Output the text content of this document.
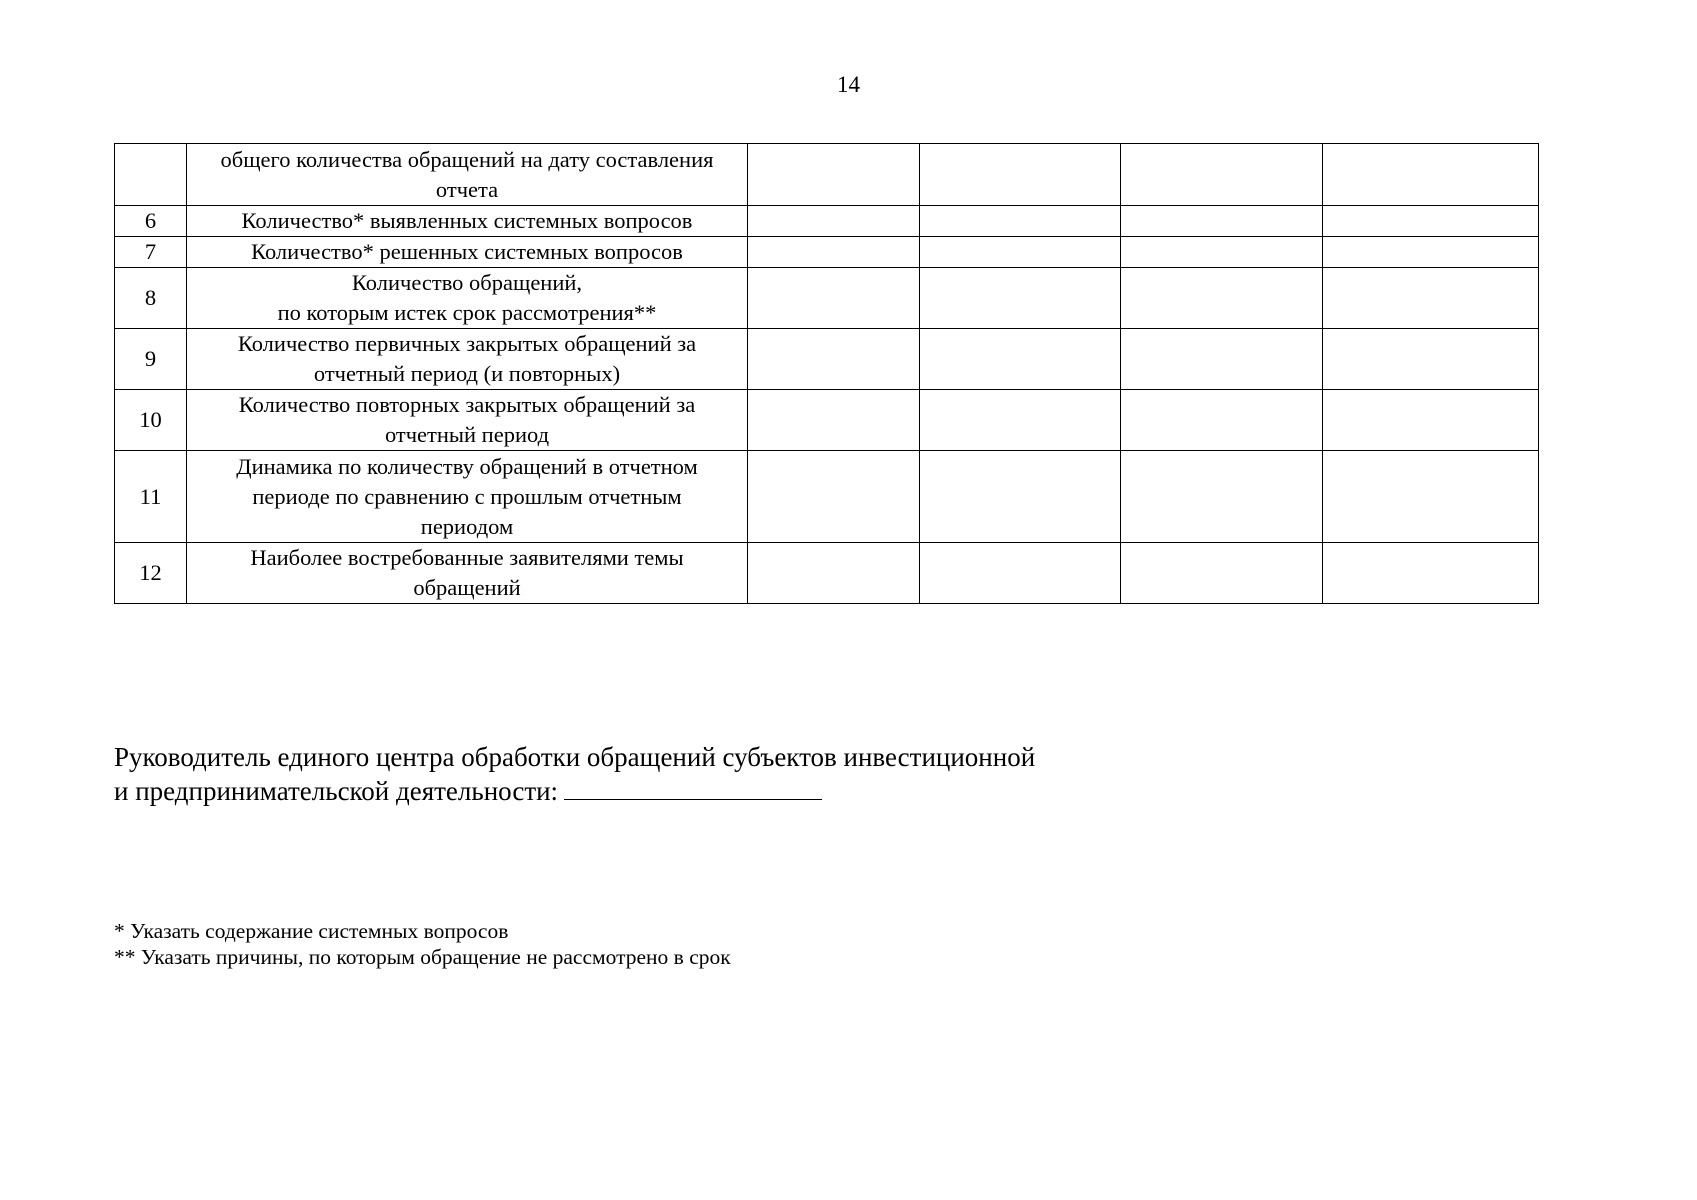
14
	общего количества обращений на дату составления
отчета				
6	Количество* выявленных системных вопросов				
7	Количество* решенных системных вопросов				
8	Количество обращений,
по которым истек срок рассмотрения**				
9	Количество первичных закрытых обращений за
отчетный период (и повторных)				
10	Количество повторных закрытых обращений за
отчетный период				
11	Динамика по количеству обращений в отчетном
периоде по сравнению с прошлым отчетным
периодом				
12	Наиболее востребованные заявителями темы
обращений				
Руководитель единого центра обработки обращений субъектов инвестиционной
и предпринимательской деятельности:
* Указать содержание системных вопросов
** Указать причины, по которым обращение не рассмотрено в срок
